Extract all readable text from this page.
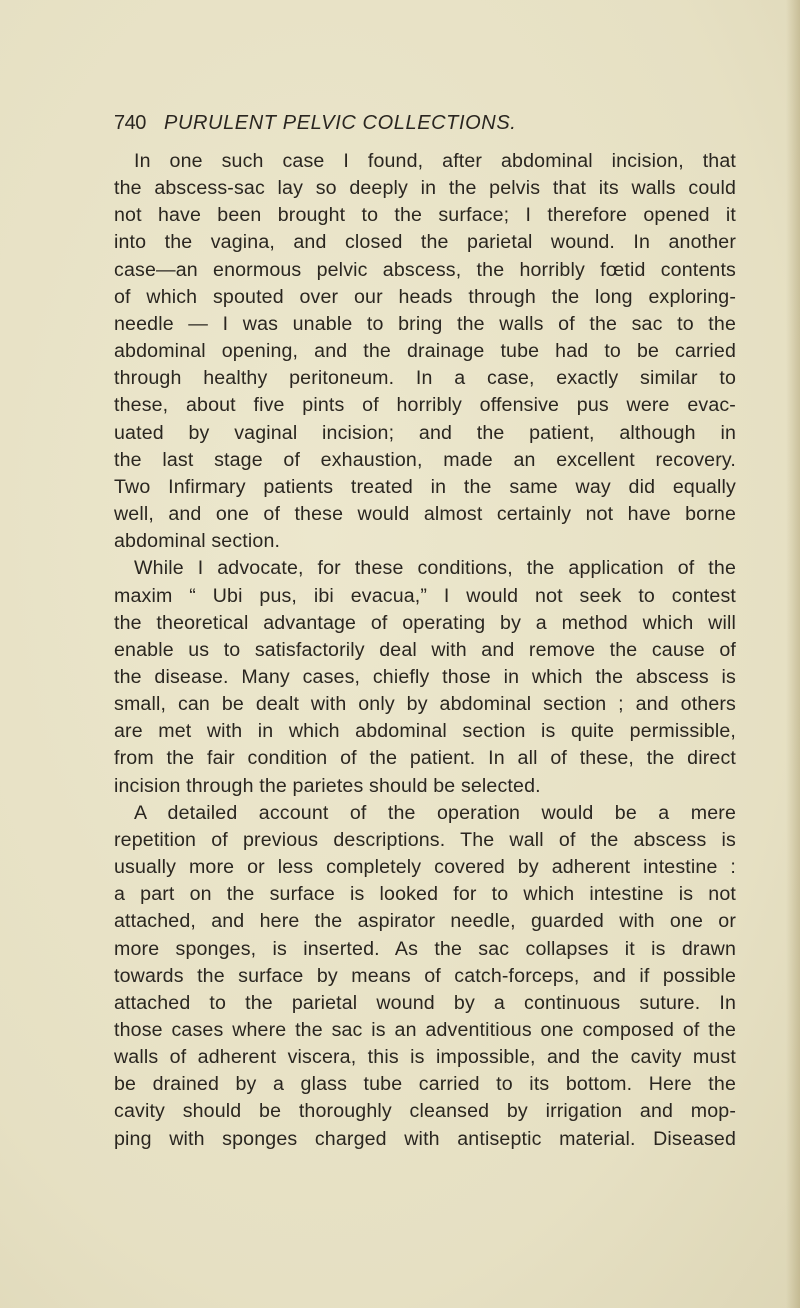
740 PURULENT PELVIC COLLECTIONS.
In one such case I found, after abdominal incision, that
the abscess-sac lay so deeply in the pelvis that its walls could
not have been brought to the surface; I therefore opened it
into the vagina, and closed the parietal wound. In another
case—an enormous pelvic abscess, the horribly fœtid contents
of which spouted over our heads through the long exploring-
needle — I was unable to bring the walls of the sac to the
abdominal opening, and the drainage tube had to be carried
through healthy peritoneum. In a case, exactly similar to
these, about five pints of horribly offensive pus were evac-
uated by vaginal incision; and the patient, although in
the last stage of exhaustion, made an excellent recovery.
Two Infirmary patients treated in the same way did equally
well, and one of these would almost certainly not have borne
abdominal section.
While I advocate, for these conditions, the application of the
maxim “ Ubi pus, ibi evacua,” I would not seek to contest
the theoretical advantage of operating by a method which will
enable us to satisfactorily deal with and remove the cause of
the disease. Many cases, chiefly those in which the abscess is
small, can be dealt with only by abdominal section ; and others
are met with in which abdominal section is quite permissible,
from the fair condition of the patient. In all of these, the direct
incision through the parietes should be selected.
A detailed account of the operation would be a mere
repetition of previous descriptions. The wall of the abscess is
usually more or less completely covered by adherent intestine :
a part on the surface is looked for to which intestine is not
attached, and here the aspirator needle, guarded with one or
more sponges, is inserted. As the sac collapses it is drawn
towards the surface by means of catch-forceps, and if possible
attached to the parietal wound by a continuous suture. In
those cases where the sac is an adventitious one composed of the
walls of adherent viscera, this is impossible, and the cavity must
be drained by a glass tube carried to its bottom. Here the
cavity should be thoroughly cleansed by irrigation and mop-
ping with sponges charged with antiseptic material. Diseased
